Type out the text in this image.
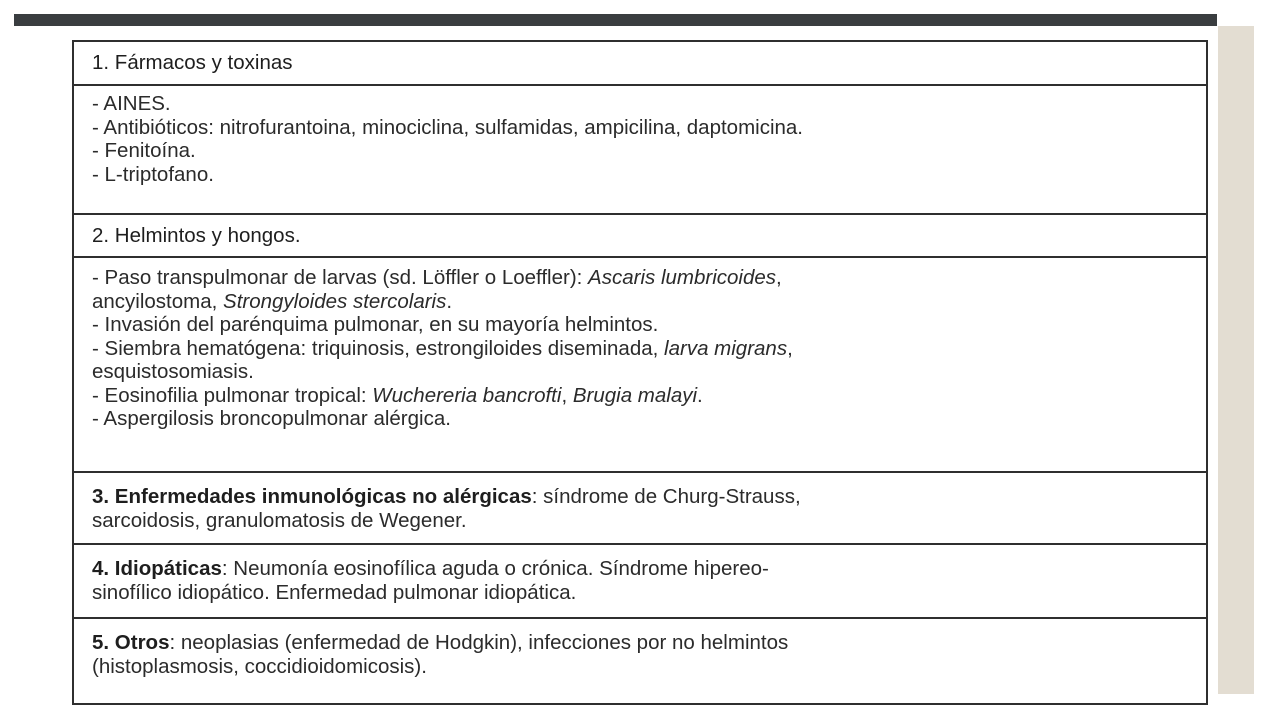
1. Fármacos y toxinas
- AINES.
- Antibióticos: nitrofurantoina, minociclina, sulfamidas, ampicilina, daptomicina.
- Fenitoína.
- L-triptofano.
2. Helmintos y hongos.
- Paso transpulmonar de larvas (sd. Löffler o Loeffler): Ascaris lumbricoides,
ancyilostoma, Strongyloides stercolaris.
- Invasión del parénquima pulmonar, en su mayoría helmintos.
- Siembra hematógena: triquinosis, estrongiloides diseminada, larva migrans,
esquistosomiasis.
- Eosinofilia pulmonar tropical: Wuchereria bancrofti, Brugia malayi.
- Aspergilosis broncopulmonar alérgica.
3. Enfermedades inmunológicas no alérgicas: síndrome de Churg-Strauss,
sarcoidosis, granulomatosis de Wegener.
4. Idiopáticas: Neumonía eosinofílica aguda o crónica. Síndrome hipereo-
sinofílico idiopático. Enfermedad pulmonar idiopática.
5. Otros: neoplasias (enfermedad de Hodgkin), infecciones por no helmintos
(histoplasmosis, coccidioidomicosis).
